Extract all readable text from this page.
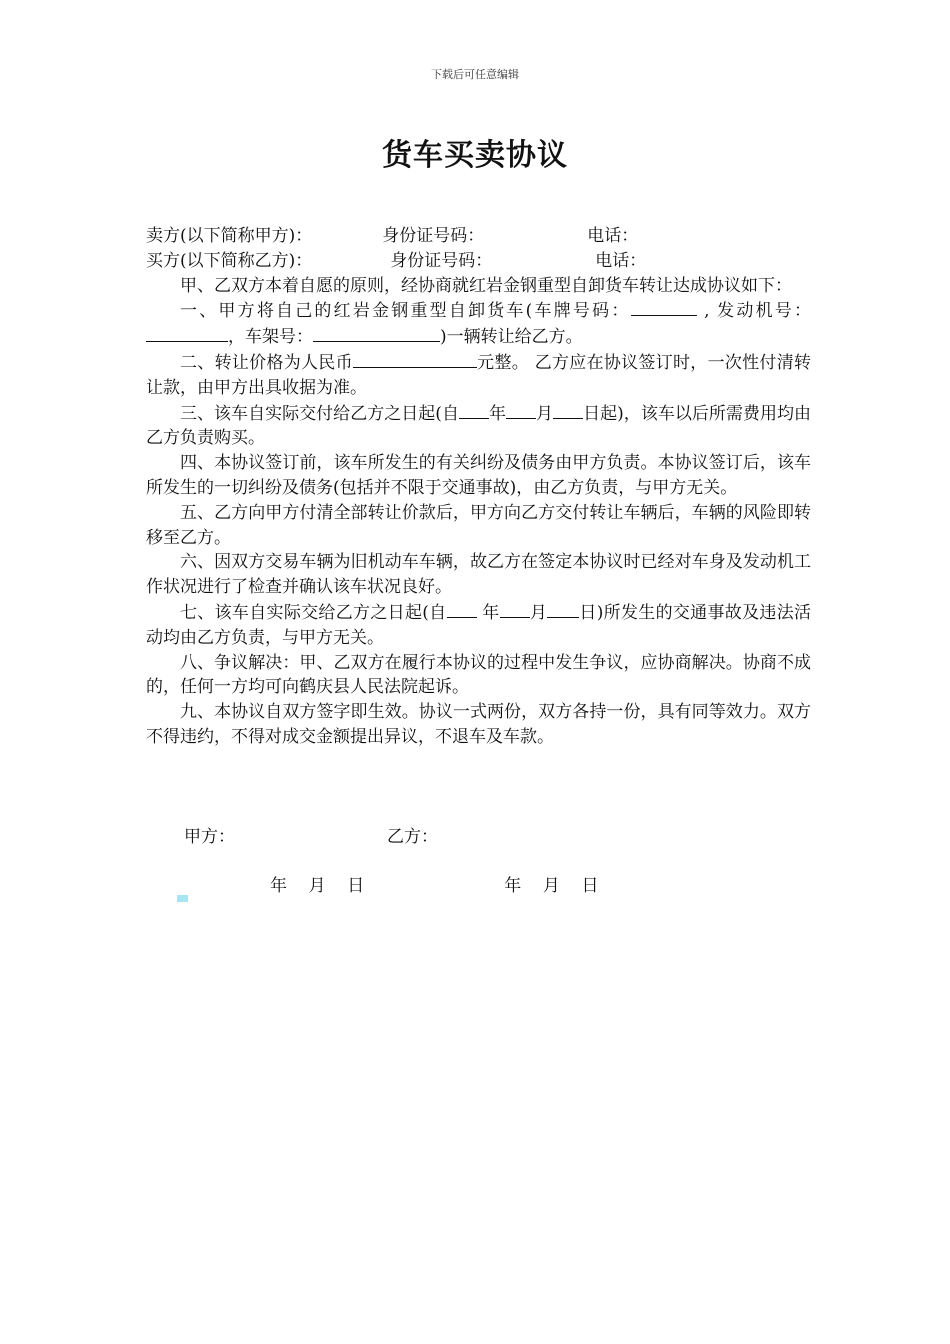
下载后可任意编辑
货车买卖协议
卖方(以下简称甲方)：	身份证号码：	电话：
买方(以下简称乙方)：	身份证号码：	电话：
甲、乙双方本着自愿的原则，经协商就红岩金钢重型自卸货车转让达成协议如下：
一、甲方将自己的红岩金钢重型自卸货车(车牌号码：	, 发动机号：，车架号：	)一辆转让给乙方。
二、转让价格为人民币	元整。 乙方应在协议签订时，一次性付清转让款，由甲方出具收据为准。
三、该车自实际交付给乙方之日起(自 年 月 日起)，该车以后所需费用均由乙方负责购买。
四、本协议签订前，该车所发生的有关纠纷及债务由甲方负责。本协议签订后，该车所发生的一切纠纷及债务(包括并不限于交通事故)，由乙方负责，与甲方无关。
五、乙方向甲方付清全部转让价款后，甲方向乙方交付转让车辆后，车辆的风险即转移至乙方。
六、因双方交易车辆为旧机动车车辆，故乙方在签定本协议时已经对车身及发动机工作状况进行了检查并确认该车状况良好。
七、该车自实际交给乙方之日起(自 年 月 日)所发生的交通事故及违法活动均由乙方负责，与甲方无关。
八、争议解决：甲、乙双方在履行本协议的过程中发生争议，应协商解决。协商不成的，任何一方均可向鹤庆县人民法院起诉。
九、本协议自双方签字即生效。协议一式两份，双方各持一份，具有同等效力。双方不得违约，不得对成交金额提出异议，不退车及车款。
甲方：	乙方：
年    月    日	年    月    日
